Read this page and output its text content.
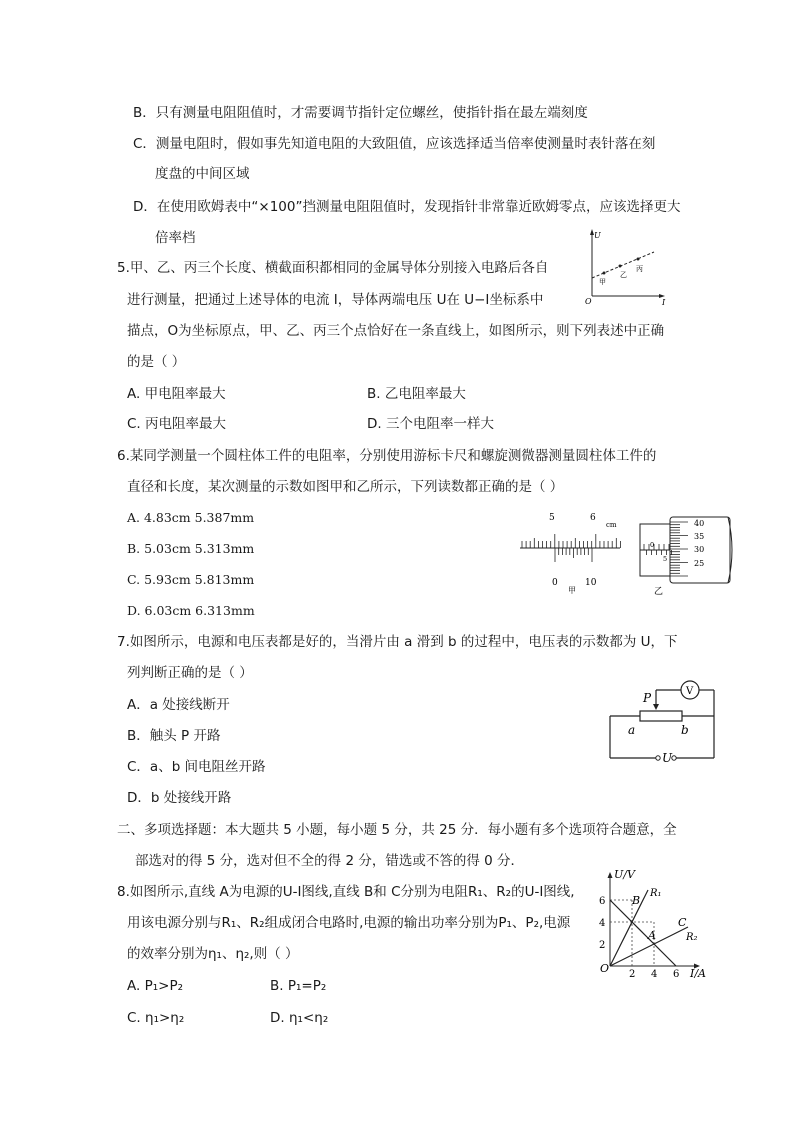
B．只有测量电阻阻值时，才需要调节指针定位螺丝，使指针指在最左端刻度
C．测量电阻时，假如事先知道电阻的大致阻值，应该选择适当倍率使测量时表针落在刻
度盘的中间区域
D．在使用欧姆表中“×100”挡测量电阻阻值时，发现指针非常靠近欧姆零点，应该选择更大
倍率档
5.甲、乙、丙三个长度、横截面积都相同的金属导体分别接入电路后各自
进行测量，把通过上述导体的电流 I，导体两端电压 U在 U−I坐标系中
描点，O为坐标原点，甲、乙、丙三个点恰好在一条直线上，如图所示，则下列表述中正确
的是（ ）
A. 甲电阻率最大	B. 乙电阻率最大
C. 丙电阻率最大	D. 三个电阻率一样大
U
I
O
甲
乙
丙
6.某同学测量一个圆柱体工件的电阻率，分别使用游标卡尺和螺旋测微器测量圆柱体工件的
直径和长度，某次测量的示数如图甲和乙所示，下列读数都正确的是（ ）
A. 4.83cm 5.387mm
B. 5.03cm 5.313mm
C. 5.93cm 5.813mm
D. 6.03cm 6.313mm
5	6
cm
0	10
甲
0
5
40
35
30
25
乙
7.如图所示，电源和电压表都是好的，当滑片由 a 滑到 b 的过程中，电压表的示数都为 U，下
列判断正确的是（ ）
A．a 处接线断开
B．触头 P 开路
C．a、b 间电阻丝开路
D．b 处接线开路
V
P
a	b
U
二、多项选择题：本大题共 5 小题，每小题 5 分，共 25 分．每小题有多个选项符合题意，全
部选对的得 5 分，选对但不全的得 2 分，错选或不答的得 0 分．
8.如图所示,直线 A为电源的U-I图线,直线 B和 C分别为电阻R₁、R₂的U-I图线,
用该电源分别与R₁、R₂组成闭合电路时,电源的输出功率分别为P₁、P₂,电源
的效率分别为η₁、η₂,则（ ）
A. P₁>P₂	B. P₁=P₂
C. η₁>η₂	D. η₁<η₂
U/V
I/A
O
6
4
2
2 4 6
B
R₁
A
C
R₂
